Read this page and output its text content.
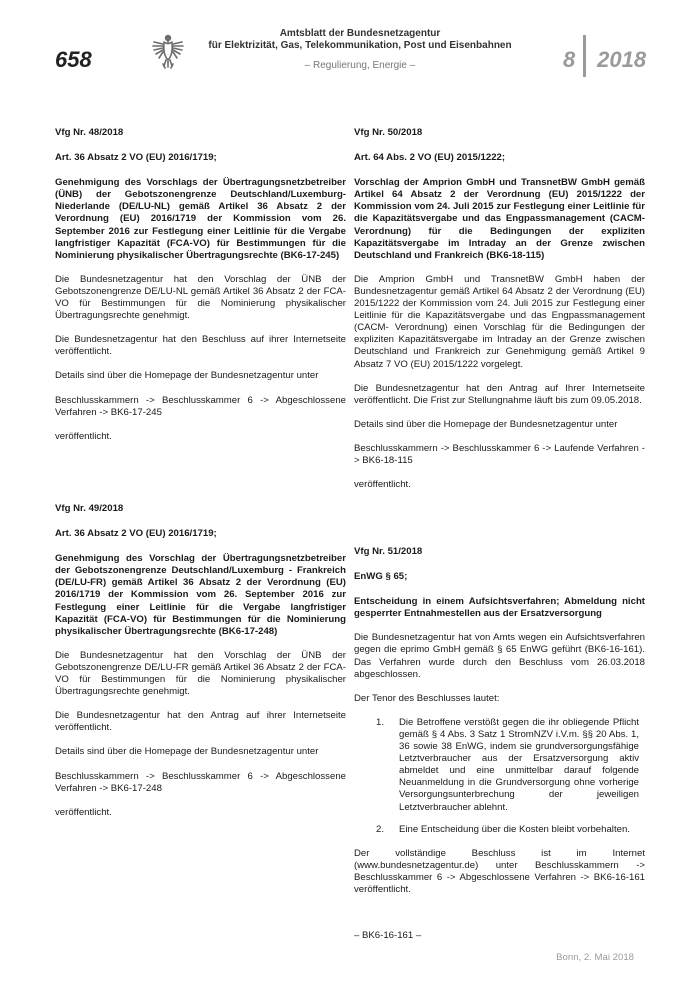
658
Amtsblatt der Bundesnetzagentur
für Elektrizität, Gas, Telekommunikation, Post und Eisenbahnen
– Regulierung, Energie –	8 2018

Vfg Nr. 48/2018

Art. 36 Absatz 2 VO (EU) 2016/1719;

Genehmigung des Vorschlags der Übertragungsnetzbetreiber (ÜNB) der Gebotszonengrenze Deutschland/Luxemburg-Niederlande (DE/LU-NL) gemäß Artikel 36 Absatz 2 der Verordnung (EU) 2016/1719 der Kommission vom 26. September 2016 zur Festlegung einer Leitlinie für die Vergabe langfristiger Kapazität (FCA-VO) für Bestimmungen für die Nominierung physikalischer Übertragungsrechte (BK6-17-245)

Die Bundesnetzagentur hat den Vorschlag der ÜNB der Gebotszonengrenze DE/LU-NL gemäß Artikel 36 Absatz 2 der FCA-VO für Bestimmungen für die Nominierung physikalischer Übertragungsrechte genehmigt.

Die Bundesnetzagentur hat den Beschluss auf ihrer Internetseite veröffentlicht.

Details sind über die Homepage der Bundesnetzagentur unter

Beschlusskammern -> Beschlusskammer 6 -> Abgeschlossene Verfahren -> BK6-17-245

veröffentlicht.

Vfg Nr. 49/2018

Art. 36 Absatz 2 VO (EU) 2016/1719;

Genehmigung des Vorschlag der Übertragungsnetzbetreiber der Gebotszonengrenze Deutschland/Luxemburg - Frankreich (DE/LU-FR) gemäß Artikel 36 Absatz 2 der Verordnung (EU) 2016/1719 der Kommission vom 26. September 2016 zur Festlegung einer Leitlinie für die Vergabe langfristiger Kapazität (FCA-VO) für Bestimmungen für die Nominierung physikalischer Übertragungsrechte (BK6-17-248)

Die Bundesnetzagentur hat den Vorschlag der ÜNB der Gebotszonengrenze DE/LU-FR gemäß Artikel 36 Absatz 2 der FCA-VO für Bestimmungen für die Nominierung physikalischer Übertragungsrechte genehmigt.

Die Bundesnetzagentur hat den Antrag auf ihrer Internetseite veröffentlicht.

Details sind über die Homepage der Bundesnetzagentur unter

Beschlusskammern -> Beschlusskammer 6 -> Abgeschlossene Verfahren -> BK6-17-248

veröffentlicht.

Vfg Nr. 50/2018

Art. 64 Abs. 2 VO (EU) 2015/1222;

Vorschlag der Amprion GmbH und TransnetBW GmbH gemäß Artikel 64 Absatz 2 der Verordnung (EU) 2015/1222 der Kommission vom 24. Juli 2015 zur Festlegung einer Leitlinie für die Kapazitätsvergabe und das Engpassmanagement (CACM-Verordnung) für die Bedingungen der expliziten Kapazitätsvergabe im Intraday an der Grenze zwischen Deutschland und Frankreich (BK6-18-115)

Die Amprion GmbH und TransnetBW GmbH haben der Bundesnetzagentur gemäß Artikel 64 Absatz 2 der Verordnung (EU) 2015/1222 der Kommission vom 24. Juli 2015 zur Festlegung einer Leitlinie für die Kapazitätsvergabe und das Engpassmanagement (CACM- Verordnung) einen Vorschlag für die Bedingungen der expliziten Kapazitätsvergabe im Intraday an der Grenze zwischen Deutschland und Frankreich zur Genehmigung gemäß Artikel 9 Absatz 7 VO (EU) 2015/1222 vorgelegt.

Die Bundesnetzagentur hat den Antrag auf Ihrer Internetseite veröffentlicht. Die Frist zur Stellungnahme läuft bis zum 09.05.2018.

Details sind über die Homepage der Bundesnetzagentur unter

Beschlusskammern -> Beschlusskammer 6 -> Laufende Verfahren -> BK6-18-115

veröffentlicht.

Vfg Nr. 51/2018

EnWG § 65;

Entscheidung in einem Aufsichtsverfahren; Abmeldung nicht gesperrter Entnahmestellen aus der Ersatzversorgung

Die Bundesnetzagentur hat von Amts wegen ein Aufsichtsverfahren gegen die eprimo GmbH gemäß § 65 EnWG geführt (BK6-16-161). Das Verfahren wurde durch den Beschluss vom 26.03.2018 abgeschlossen.

Der Tenor des Beschlusses lautet:

1. Die Betroffene verstößt gegen die ihr obliegende Pflicht gemäß § 4 Abs. 3 Satz 1 StromNZV i.V.m. §§ 20 Abs. 1, 36 sowie 38 EnWG, indem sie grundversorgungsfähige Letztverbraucher aus der Ersatzversorgung aktiv abmeldet und eine unmittelbar darauf folgende Neuanmeldung in die Grundversorgung ohne vorherige Versorgungsunterbrechung der jeweiligen Letztverbraucher ablehnt.
2. Eine Entscheidung über die Kosten bleibt vorbehalten.

Der vollständige Beschluss ist im Internet (www.bundesnetzagentur.de) unter Beschlusskammern -> Beschlusskammer 6 -> Abgeschlossene Verfahren -> BK6-16-161 veröffentlicht.

– BK6-16-161 –

Bonn, 2. Mai 2018
